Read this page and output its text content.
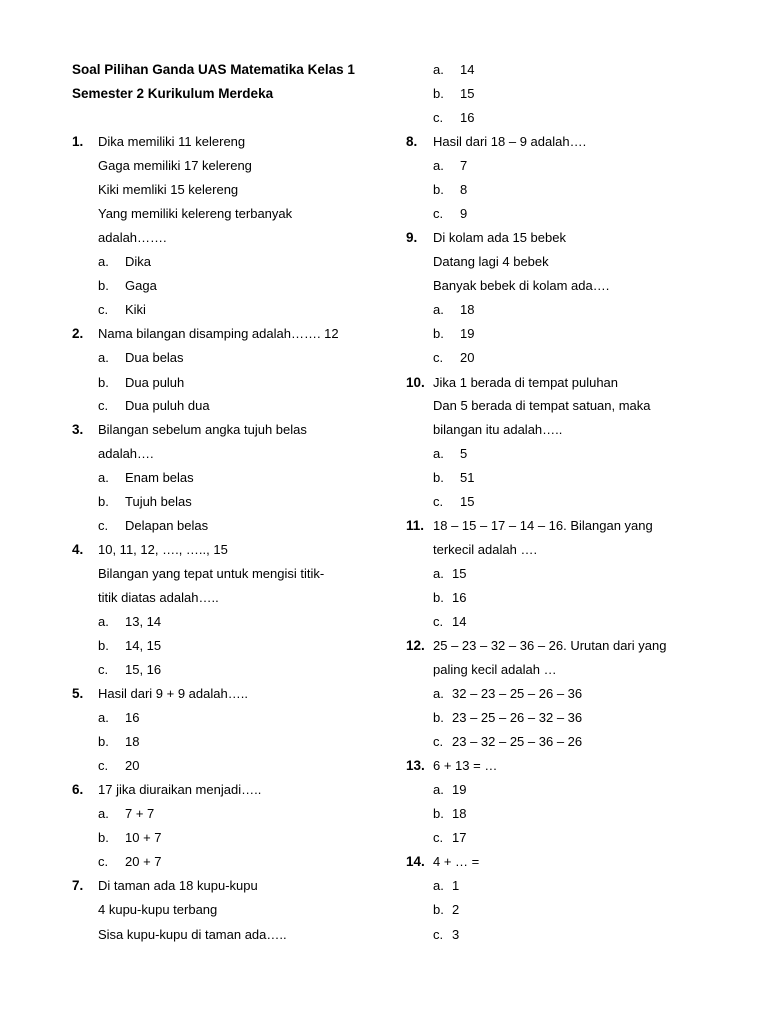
Soal Pilihan Ganda UAS Matematika Kelas 1
Semester 2 Kurikulum Merdeka
1. Dika memiliki 11 kelereng
Gaga memiliki 17 kelereng
Kiki memliki 15 kelereng
Yang memiliki kelereng terbanyak
adalah…….
a. Dika
b. Gaga
c. Kiki
2. Nama bilangan disamping adalah……. 12
a. Dua belas
b. Dua puluh
c. Dua puluh dua
3. Bilangan sebelum angka tujuh belas
adalah….
a. Enam belas
b. Tujuh belas
c. Delapan belas
4. 10, 11, 12, …., ….., 15
Bilangan yang tepat untuk mengisi titik-
titik diatas adalah…..
a. 13, 14
b. 14, 15
c. 15, 16
5. Hasil dari 9 + 9 adalah…..
a. 16
b. 18
c. 20
6. 17 jika diuraikan menjadi…..
a. 7 + 7
b. 10 + 7
c. 20 + 7
7. Di taman ada 18 kupu-kupu
4 kupu-kupu terbang
Sisa kupu-kupu di taman ada…..
a. 14
b. 15
c. 16
8. Hasil dari 18 – 9 adalah….
a. 7
b. 8
c. 9
9. Di kolam ada 15 bebek
Datang lagi 4 bebek
Banyak bebek di kolam ada….
a. 18
b. 19
c. 20
10. Jika 1 berada di tempat puluhan
Dan 5 berada di tempat satuan, maka
bilangan itu adalah…..
a. 5
b. 51
c. 15
11. 18 – 15 – 17 – 14 – 16. Bilangan yang
terkecil adalah ….
a. 15
b. 16
c. 14
12. 25 – 23 – 32 – 36 – 26. Urutan dari yang
paling kecil adalah …
a. 32 – 23 – 25 – 26 – 36
b. 23 – 25 – 26 – 32 – 36
c. 23 – 32 – 25 – 36 – 26
13. 6 + 13 = …
a. 19
b. 18
c. 17
14. 4 + … =
a. 1
b. 2
c. 3
